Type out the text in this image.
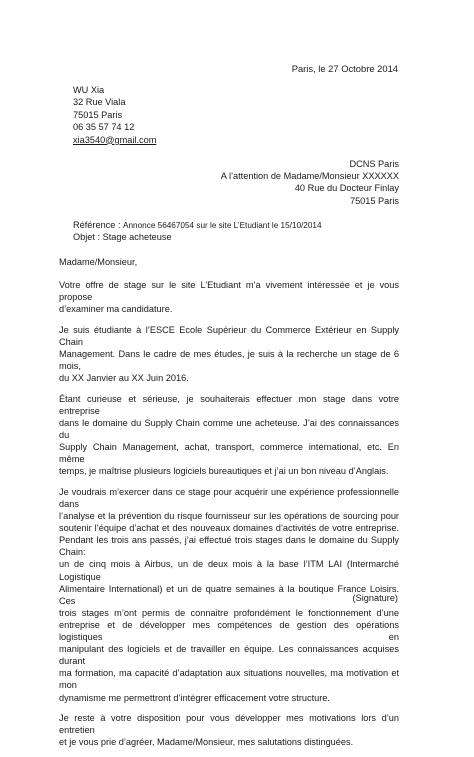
Paris, le 27 Octobre 2014
WU Xia
32 Rue Viala
75015 Paris
06 35 57 74 12
xia3540@gmail.com
DCNS Paris
A l’attention de Madame/Monsieur XXXXXX
40 Rue du Docteur Finlay
75015 Paris
Référence : Annonce 56467054 sur le site L’Etudiant le 15/10/2014
Objet : Stage acheteuse
Madame/Monsieur,

Votre offre de stage sur le site L’Etudiant m’a vivement intéressée et je vous propose
d’examiner ma candidature.

Je suis étudiante à l’ESCE Ecole Supérieur du Commerce Extérieur en Supply Chain
Management. Dans le cadre de mes études, je suis à la recherche un stage de 6 mois,
du XX Janvier au XX Juin 2016.

Étant curieuse et sérieuse, je souhaiterais effectuer mon stage dans votre entreprise
dans le domaine du Supply Chain comme une acheteuse. J’ai des connaissances du
Supply Chain Management, achat, transport, commerce international, etc. En même
temps, je maîtrise plusieurs logiciels bureautiques et j’ai un bon niveau d’Anglais.

Je voudrais m’exercer dans ce stage pour acquérir une expérience professionnelle dans
l’analyse et la prévention du risque fournisseur sur les opérations de sourcing pour
soutenir l’équipe d’achat et des nouveaux domaines d’activités de votre entreprise.
Pendant les trois ans passés, j’ai effectué trois stages dans le domaine du Supply Chain:
un de cinq mois à Airbus, un de deux mois à la base l’ITM LAI (Intermarché Logistique
Alimentaire International) et un de quatre semaines à la boutique France Loisirs. Ces
trois stages m’ont permis de connaitre profondément le fonctionnement d’une
entreprise et de développer mes compétences de gestion des opérations logistiques en
manipulant des logiciels et de travailler en équipe. Les connaissances acquises durant
ma formation, ma capacité d’adaptation aux situations nouvelles, ma motivation et mon
dynamisme me permettront d’intégrer efficacement votre structure.

Je reste à votre disposition pour vous développer mes motivations lors d’un entretien
et je vous prie d’agréer, Madame/Monsieur, mes salutations distinguées.

(Signature)
